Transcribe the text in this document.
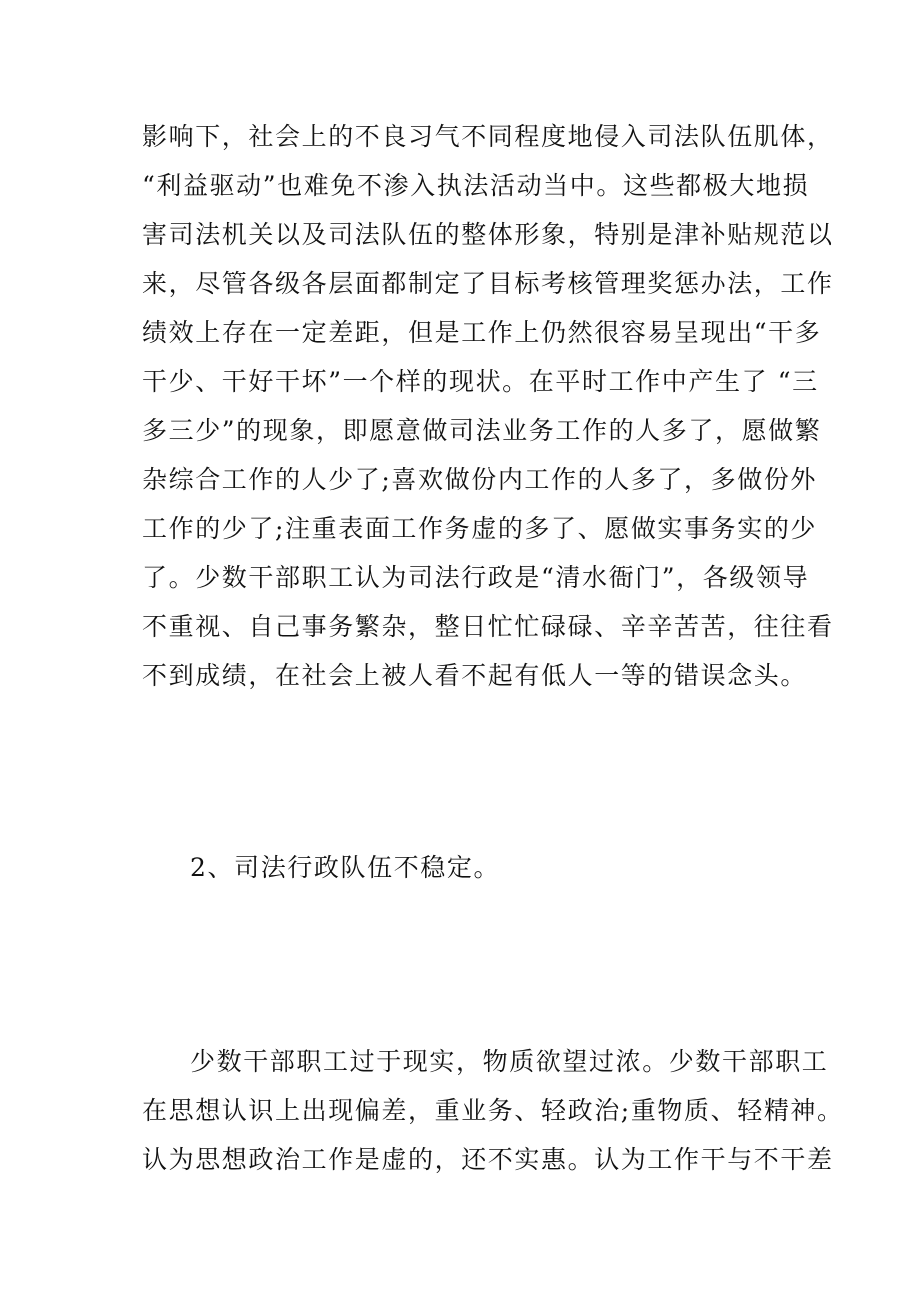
影响下，社会上的不良习气不同程度地侵入司法队伍肌体，
“利益驱动”也难免不渗入执法活动当中。这些都极大地损
害司法机关以及司法队伍的整体形象，特别是津补贴规范以
来，尽管各级各层面都制定了目标考核管理奖惩办法，工作
绩效上存在一定差距，但是工作上仍然很容易呈现出“干多
干少、干好干坏”一个样的现状。在平时工作中产生了 “三
多三少”的现象，即愿意做司法业务工作的人多了，愿做繁
杂综合工作的人少了;喜欢做份内工作的人多了，多做份外
工作的少了;注重表面工作务虚的多了、愿做实事务实的少
了。少数干部职工认为司法行政是“清水衙门”，各级领导
不重视、自己事务繁杂，整日忙忙碌碌、辛辛苦苦，往往看
不到成绩，在社会上被人看不起有低人一等的错误念头。
2、司法行政队伍不稳定。
少数干部职工过于现实，物质欲望过浓。少数干部职工
在思想认识上出现偏差，重业务、轻政治;重物质、轻精神。
认为思想政治工作是虚的，还不实惠。认为工作干与不干差
